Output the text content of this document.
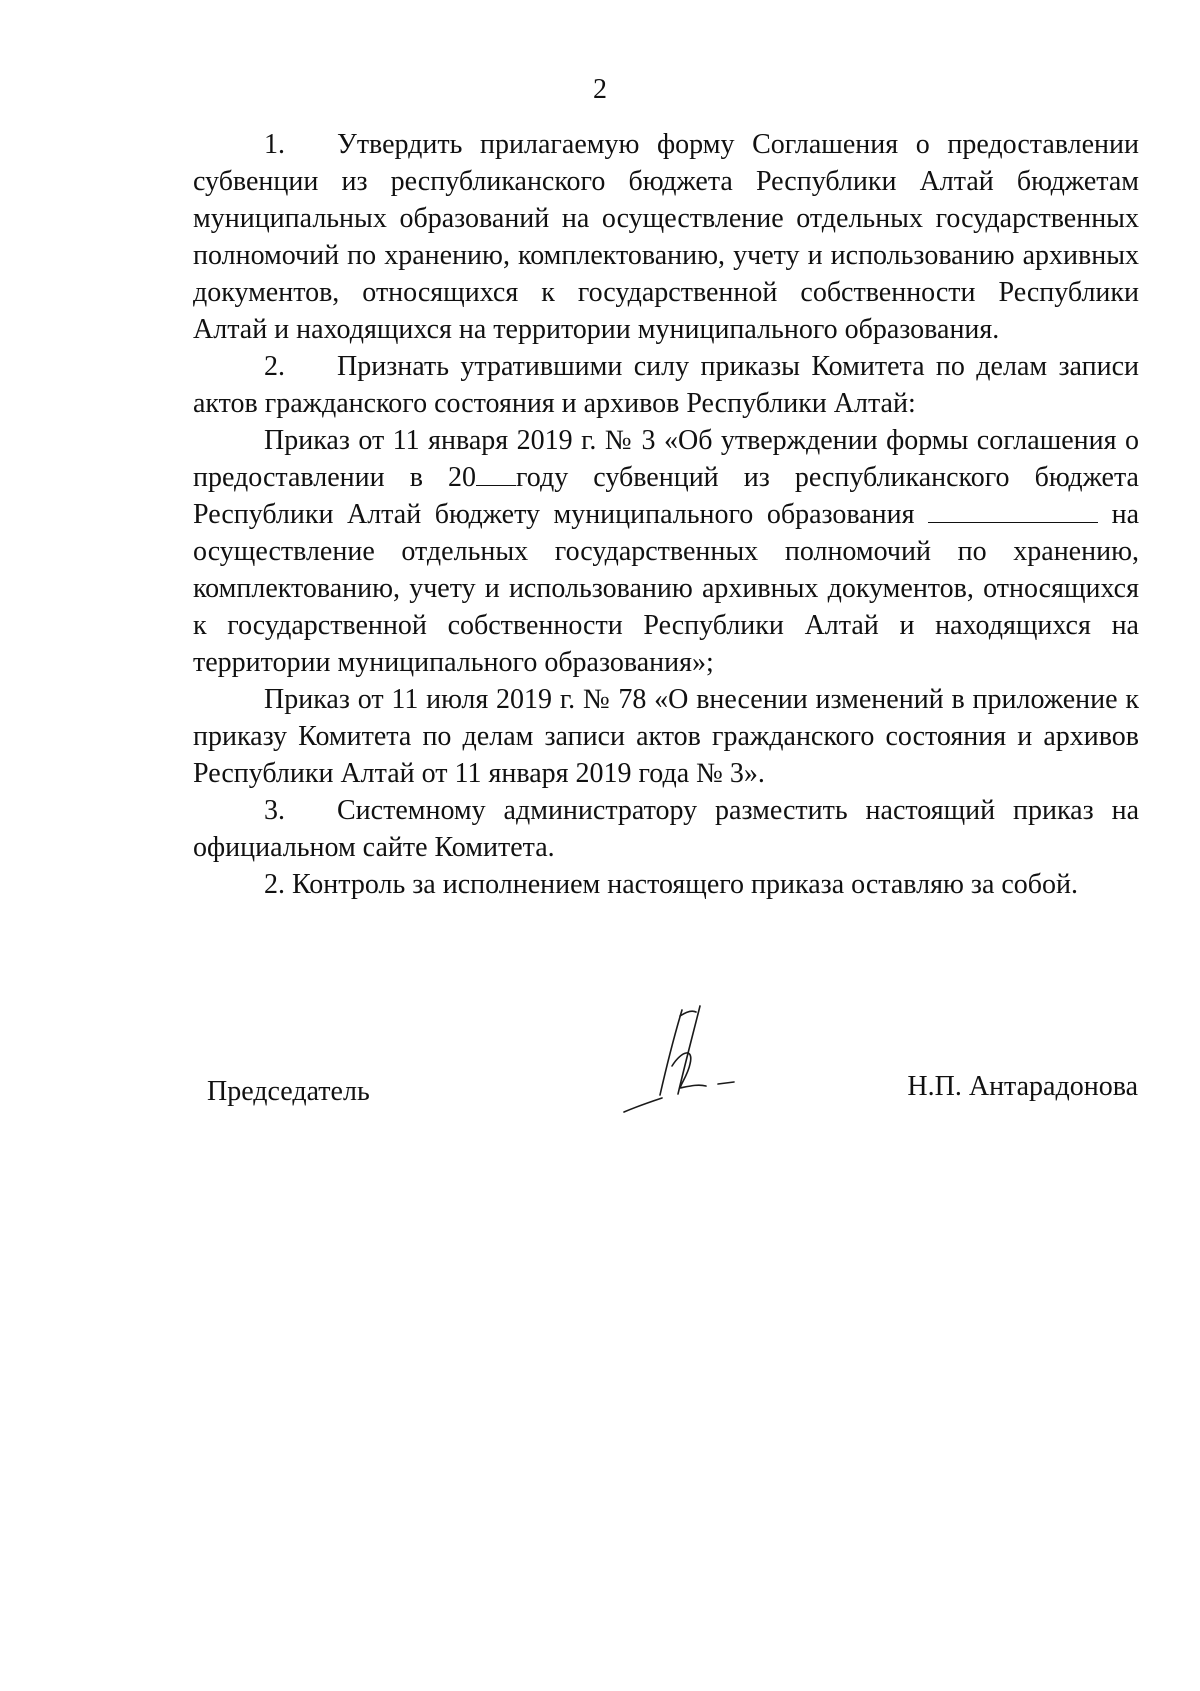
2

1. Утвердить прилагаемую форму Соглашения о предоставлении субвенции из республиканского бюджета Республики Алтай бюджетам муниципальных образований на осуществление отдельных государственных полномочий по хранению, комплектованию, учету и использованию архивных документов, относящихся к государственной собственности Республики Алтай и находящихся на территории муниципального образования.

2. Признать утратившими силу приказы Комитета по делам записи актов гражданского состояния и архивов Республики Алтай:

Приказ от 11 января 2019 г. № 3 «Об утверждении формы соглашения о предоставлении в 20 году субвенций из республиканского бюджета Республики Алтай бюджету муниципального образования	на осуществление отдельных государственных полномочий по хранению, комплектованию, учету и использованию архивных документов, относящихся к государственной собственности Республики Алтай и находящихся на территории муниципального образования»;

Приказ от 11 июля 2019 г. № 78 «О внесении изменений в приложение к приказу Комитета по делам записи актов гражданского состояния и архивов Республики Алтай от 11 января 2019 года № 3».

3. Системному администратору разместить настоящий приказ на официальном сайте Комитета.

2. Контроль за исполнением настоящего приказа оставляю за собой.

Председатель	Н.П. Антарадонова
